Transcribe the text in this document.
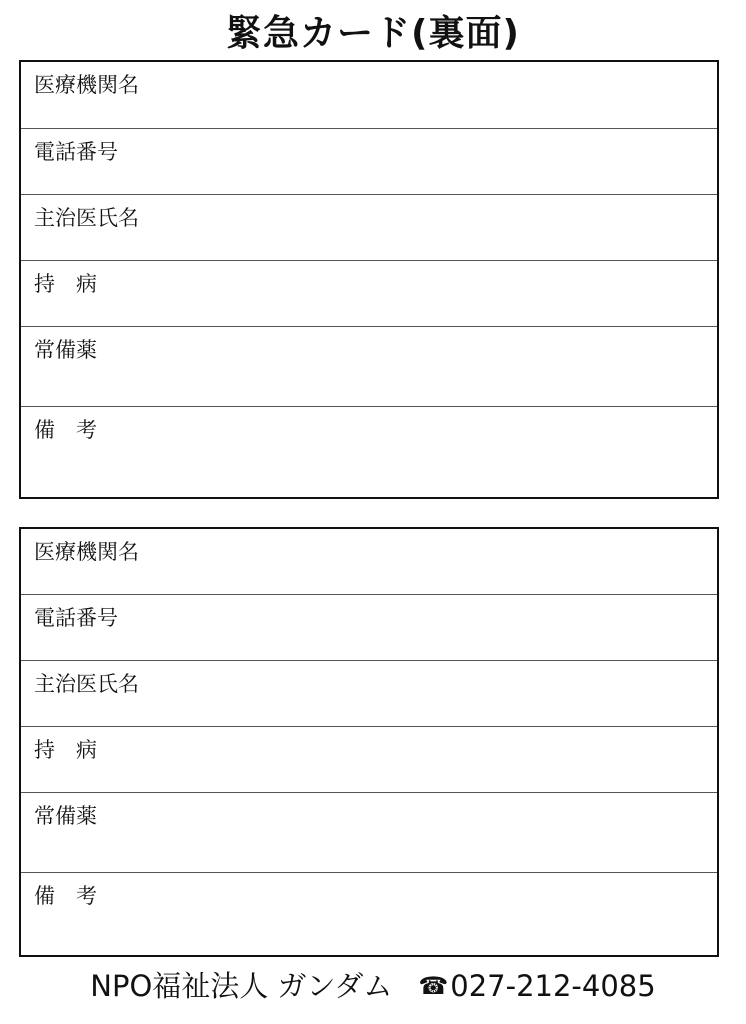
緊急カード(裏面)
医療機関名
電話番号
主治医氏名
持　病
常備薬
備　考
医療機関名
電話番号
主治医氏名
持　病
常備薬
備　考
NPO福祉法人 ガンダム ☎027-212-4085
